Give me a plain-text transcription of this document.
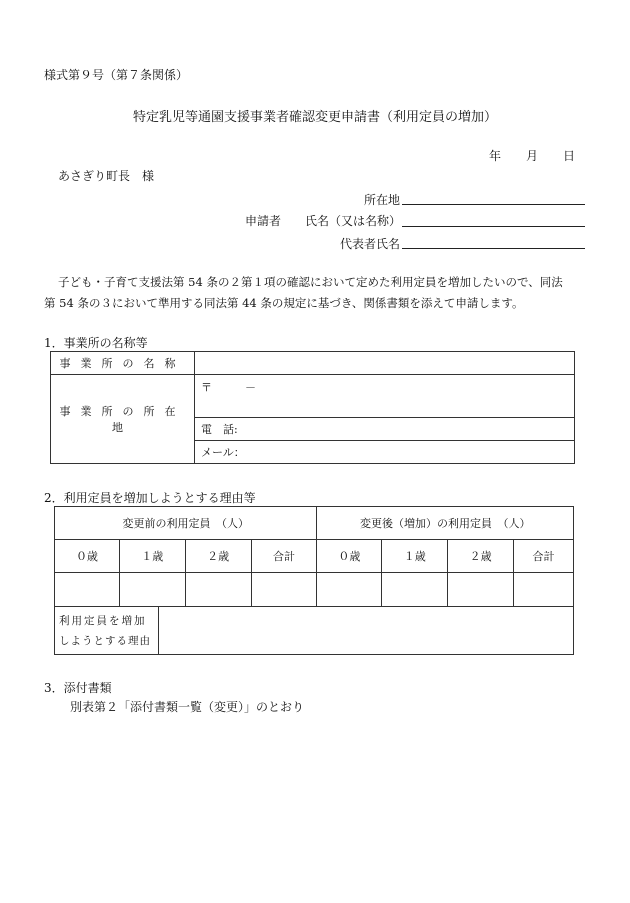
様式第９号（第７条関係）
特定乳児等通園支援事業者確認変更申請書（利用定員の増加）
年 月 日
あさぎり町長　様
所在地
申請者 氏名（又は名称）
代表者氏名
子ども・子育て支援法第 54 条の２第１項の確認において定めた利用定員を増加したいので、同法
第 54 条の３において準用する同法第 44 条の規定に基づき、関係書類を添えて申請します。
1．事業所の名称等
事業所の名称	
事業所の所在地	〒　　　－
	電　話:
	メール：
2．利用定員を増加しようとする理由等
変更前の利用定員　（人）				変更後（増加）の利用定員　（人）			
０歳	１歳	２歳	合計	０歳	１歳	２歳	合計

利用定員を増加
しようとする理由

3．添付書類
別表第２「添付書類一覧（変更）」のとおり
